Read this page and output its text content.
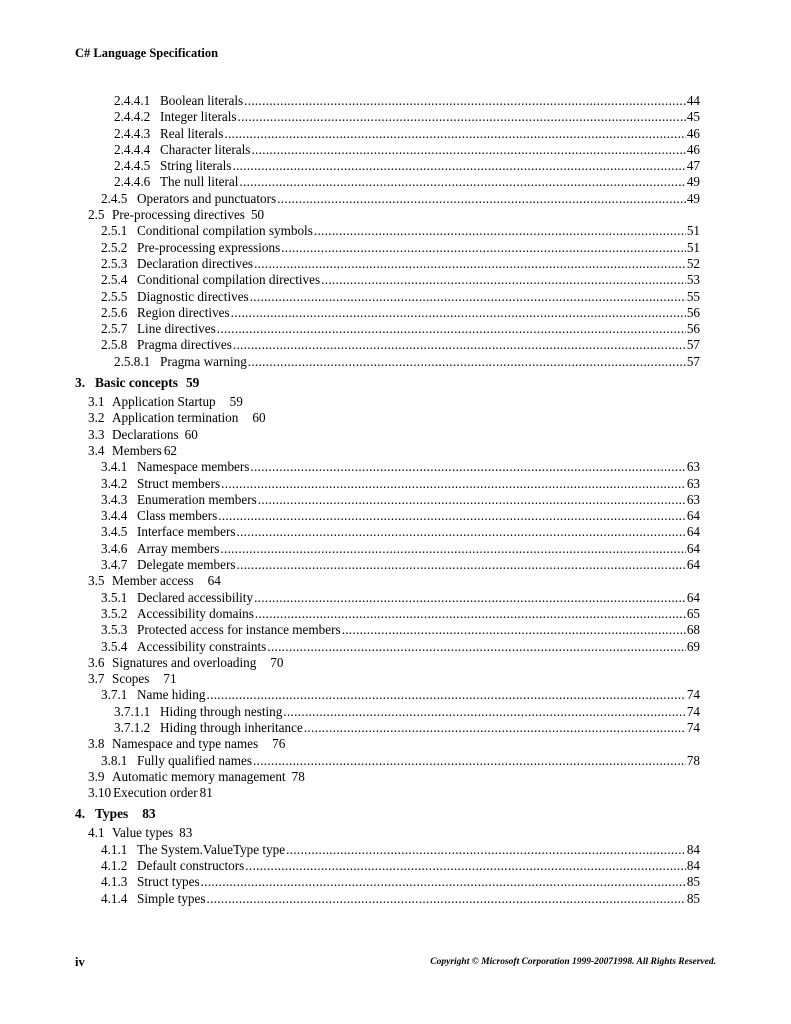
C# Language Specification
2.4.4.1 Boolean literals .....	44
2.4.4.2 Integer literals .....	45
2.4.4.3 Real literals .....	46
2.4.4.4 Character literals .....	46
2.4.4.5 String literals .....	47
2.4.4.6 The null literal .....	49
2.4.5 Operators and punctuators .....	49
2.5 Pre-processing directives 50
2.5.1 Conditional compilation symbols .....	51
2.5.2 Pre-processing expressions .....	51
2.5.3 Declaration directives .....	52
2.5.4 Conditional compilation directives .....	53
2.5.5 Diagnostic directives .....	55
2.5.6 Region directives .....	56
2.5.7 Line directives .....	56
2.5.8 Pragma directives .....	57
2.5.8.1 Pragma warning .....	57
3. Basic concepts 59
3.1 Application Startup	59
3.2 Application termination	60
3.3 Declarations 60
3.4 Members 62
3.4.1 Namespace members .....	63
3.4.2 Struct members .....	63
3.4.3 Enumeration members .....	63
3.4.4 Class members .....	64
3.4.5 Interface members .....	64
3.4.6 Array members .....	64
3.4.7 Delegate members .....	64
3.5 Member access	64
3.5.1 Declared accessibility .....	64
3.5.2 Accessibility domains .....	65
3.5.3 Protected access for instance members .....	68
3.5.4 Accessibility constraints .....	69
3.6 Signatures and overloading	70
3.7 Scopes	71
3.7.1 Name hiding .....	74
3.7.1.1 Hiding through nesting .....	74
3.7.1.2 Hiding through inheritance .....	74
3.8 Namespace and type names	76
3.8.1 Fully qualified names .....	78
3.9 Automatic memory management 78
3.10 Execution order 81
4. Types	83
4.1 Value types 83
4.1.1 The System.ValueType type .....	84
4.1.2 Default constructors .....	84
4.1.3 Struct types .....	85
4.1.4 Simple types .....	85
iv	Copyright © Microsoft Corporation 1999-20071998. All Rights Reserved.
